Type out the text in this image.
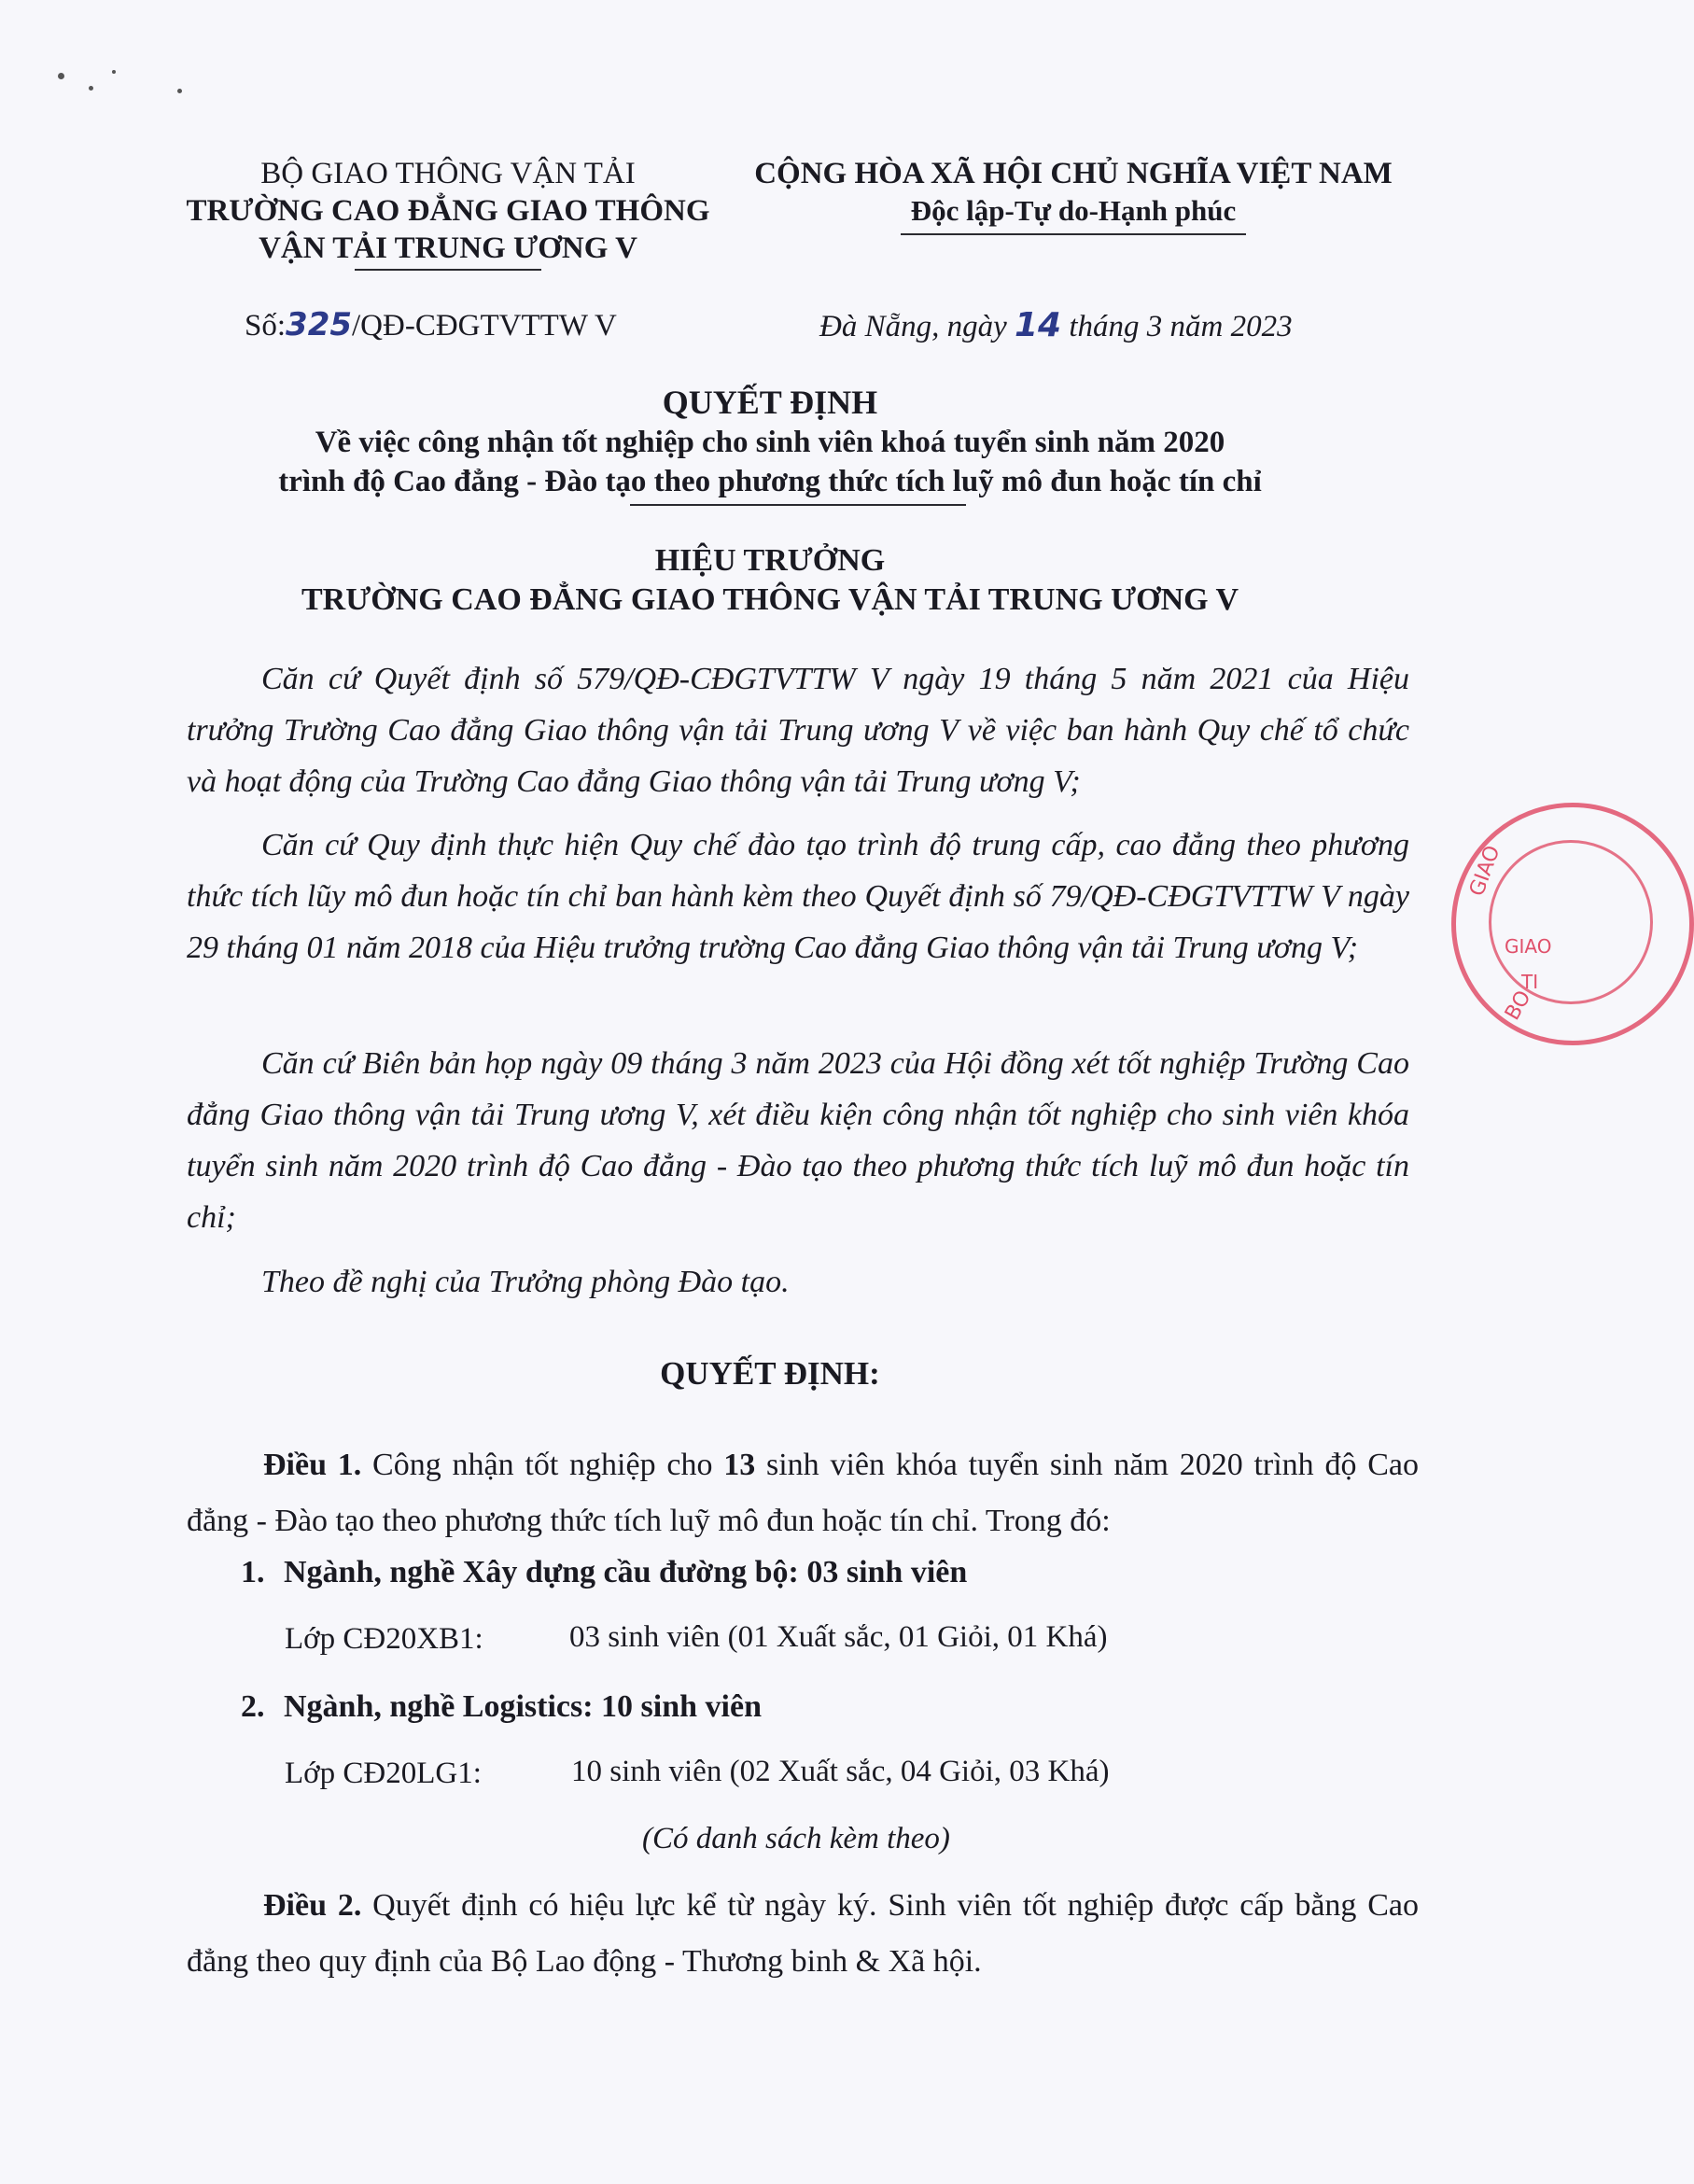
BỘ GIAO THÔNG VẬN TẢI
TRƯỜNG CAO ĐẲNG GIAO THÔNG
VẬN TẢI TRUNG ƯƠNG V
CỘNG HÒA XÃ HỘI CHỦ NGHĨA VIỆT NAM
Độc lập-Tự do-Hạnh phúc
Số:325/QĐ-CĐGTVTTW V	Đà Nẵng, ngày 14 tháng 3 năm 2023
QUYẾT ĐỊNH
Về việc công nhận tốt nghiệp cho sinh viên khoá tuyển sinh năm 2020
trình độ Cao đẳng - Đào tạo theo phương thức tích luỹ mô đun hoặc tín chỉ
HIỆU TRƯỞNG
TRƯỜNG CAO ĐẲNG GIAO THÔNG VẬN TẢI TRUNG ƯƠNG V
Căn cứ Quyết định số 579/QĐ-CĐGTVTTW V ngày 19 tháng 5 năm 2021 của Hiệu trưởng Trường Cao đẳng Giao thông vận tải Trung ương V về việc ban hành Quy chế tổ chức và hoạt động của Trường Cao đẳng Giao thông vận tải Trung ương V;
Căn cứ Quy định thực hiện Quy chế đào tạo trình độ trung cấp, cao đẳng theo phương thức tích lũy mô đun hoặc tín chỉ ban hành kèm theo Quyết định số 79/QĐ-CĐGTVTTW V ngày 29 tháng 01 năm 2018 của Hiệu trưởng trường Cao đẳng Giao thông vận tải Trung ương V;
Căn cứ Biên bản họp ngày 09 tháng 3 năm 2023 của Hội đồng xét tốt nghiệp Trường Cao đẳng Giao thông vận tải Trung ương V, xét điều kiện công nhận tốt nghiệp cho sinh viên khóa tuyển sinh năm 2020 trình độ Cao đẳng - Đào tạo theo phương thức tích luỹ mô đun hoặc tín chỉ;
Theo đề nghị của Trưởng phòng Đào tạo.
QUYẾT ĐỊNH:
Điều 1. Công nhận tốt nghiệp cho 13 sinh viên khóa tuyển sinh năm 2020 trình độ Cao đẳng - Đào tạo theo phương thức tích luỹ mô đun hoặc tín chỉ. Trong đó:
1. Ngành, nghề Xây dựng cầu đường bộ: 03 sinh viên
Lớp CĐ20XB1:	03 sinh viên (01 Xuất sắc, 01 Giỏi, 01 Khá)
2. Ngành, nghề Logistics: 10 sinh viên
Lớp CĐ20LG1:	10 sinh viên (02 Xuất sắc, 04 Giỏi, 03 Khá)
(Có danh sách kèm theo)
Điều 2. Quyết định có hiệu lực kể từ ngày ký. Sinh viên tốt nghiệp được cấp bằng Cao đẳng theo quy định của Bộ Lao động - Thương binh & Xã hội.
GIAO
GIAO
TI
BO
